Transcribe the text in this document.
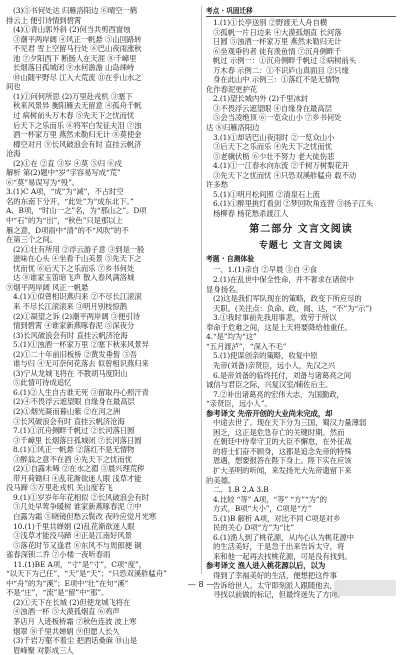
(3)⑤书何处达 归雁洛阳边 ⑥晴空一鹤
排云上 便引诗情到碧霄
(4)①青山郭外斜 (2)何当共剪西窗烛
③潮平两岸阔 ④风正一帆悬 ⑤山回路转
不见君 雪上空留马行处 ⑥巴山夜雨涨秋
池 ⑦夕阳西下 断肠人在天涯 ⑧千嶂里
长烟落日孤城闭 ⑨水何澹澹 山岛竦峙
⑩山随平野尽 江入大荒流 ⑪在乎山水之
间也
(1)①问何所思 (2)万里赴戎机 ③塞下
秋来风景异 衡阳雁去无留意 ④孤舟千帆
过 病树前头万木春 ⑤先天下之忧而忧
后天下之乐而乐 ⑥将军白发征夫泪 ⑦浊
酒一杯家万里 燕然未勒归无计 ⑧莫使金
樽空对月 ⑨长风破浪会有时 直挂云帆济
沧海
(2)①在 ②直 ③岁 ④莫 ⑤归 ⑥戍
解析 第(2)题中“岁”字容易写成“荒”
⑥“莫”易误写为“殁”。
3.(1)C A项，“成”为“减”，不占时空
名的东南下分开，“此处”为“成东北下。”
A、B项，“时山一之”名，为“那山之”。D项
中“石”的为“出”，“秋色”只是那以上
雁之意，D项雨中“清”的不“风吹”的不
在第三个之间。
(2)①壮有所用 ②浮云游子意 ③到是一般
滋味在心头 ④坐看千山美景 ⑤先天下之
忧而忧 ⑥后天下之乐而乐 ⑦乡书何处
达 ⑧谁家玉笛暗飞声 散入春风满洛城
⑨烟平两岸阔 风正一帆悬
4.(1)①似曾相识燕归来 ②不尽长江滚滚
来 不尽长江滚滚来 ③明月别枝惊鹊
(2)①凝望之诉 (2)潮平两岸阔 ③便引诗
情到碧霄 ④谁家新燕啄春泥 ⑤深夜分
(3)长风破浪会有时 直挂云帆济沧海
5.(1)①浊酒一杯家万里 ②塞下秋来风景异
(2)①二十年前旧板桥 ②黄发垂髫 ③吾
谁与归 ④无可奈何花落去 似曾相识燕归来
(3)宁从龙城飞将在 不教胡马度阴山
⑤此情可待成追忆
6.(1)②人生自古谁无死 ③留取丹心照汗青
(2)④不畏浮云遮望眼 自缘身在最高层
(2)①烟光凝而暮山紫 ②在河之洲
③长风破浪会有时 直挂云帆济沧海
7.(1)①沉舟侧畔千帆过 ②长河落日圆
③千嶂里 长烟落日孤城闭 ⑦长河落日圆
8.(1)①风正一帆悬 ②落红不是无情物
③醉翁之意不在酒 ④先天下之忧而忧
(2)①自露未晞 ②在水之湄 ③晨兴理荒秽
带月荷锄归 ④乱花渐欲迷人眼 浅草才能
没马蹄 ⑤万里赴戎机 关山度若飞
9.(1)①岁岁年年花相似 ②长风破浪会有时
③几处早莺争暖树 谁家新燕啄春泥 ⑦中
白露为霜 ⑤晓镜但愁云鬓改 夜吟应觉月光寒
10.(1)千里共婵娟 (2)乱花渐欲迷人眼
③浅草才能没马蹄 ④正是江南好风景
⑤落花时节又逢君 ⑥东风不与周郎便 铜
雀春深锁二乔 ⑦小楼一夜听春雨
11.(1)BE A项，“寸”是“寸”，C项“度”，
“以天下为己任”，“天”是“天”；“只恐双溪舴艋舟”
中“舟”的为“溪”；E项中“壮”在句“溪”
不是“庄”，“流”是“留”中“那”。
(2)①天下在长城 (2)但使龙城飞将在
④浊酒一杯 ⑤大漠孤烟直 ⑥鸡声
茅店月 人迹板桥霜 ⑦秋色连波 波上寒
烟翠 ⑧千里共婵娟 ⑨但愿人长久
(3)千岩万壑不着尘 把酒话桑麻 ⑩山是
眉峰聚 对影成三人
考点 · 巩固迁移
1.(1)①长亭送别 ②野渡无人舟自横
③孤帆一片日边来 ④大漠孤烟直 长河落
日圆 ⑤浊酒一杯家万里 燕然未勒归无计
⑥坐观垂钓者 徒有羡鱼情 ⑦沉舟侧畔千
帆过 示例一：①沉舟侧畔千帆过 ②病树前头
万木春 示例二：①不识庐山真面目 ②只缘
身在此山中 示例三：①落红不是无情物
化作春泥更护花
2.(1)望长城内外 (2)千里冰封
③不畏浮云遮望眼 ④自缘身在最高层
⑤会当凌绝顶 ⑥一览众山小 ⑦乡书何处
达 ⑧归雁洛阳边
3.(1)①却话巴山夜雨时 ②一览众山小
③后天下之乐而乐 ④先天下之忧而忧
⑤老骥伏枥 ⑥少壮不努力 老大徒伤悲
4.(1)①一江春水向东流 ②千树万树梨花开
③先天下之忧而忧 ④只恐双溪舴艋舟 载不动
许多愁
5.(1)①明月松间照 ②清泉石上流
6.(1)①醉里挑灯看剑 ②梦回吹角连营 ③扬子江头
杨柳春 杨花愁杀渡江人
第二部分 文言文阅读
专题七 文言文阅读
考题 · 自测体验
一、1.(1)亲自 ②早晨 ③自 ④食
2.(1)在乱世中保全性命，并不奢求在诸侯中
显身扬名。
(2)这是我们军队现在的策略，政变下所应尽的
天职。(关注点：负命、政、闻、达，“不”为“示”)
3.①我时事前先我用事悲，效劳于所以
奉命于危难之间，这是上天将要降给他重任。
4.“是”均为“这”
“五月渡泸”，“深入不毛”
5.(1)使谋创亲的策略，收复中原
先帝(刘备)亲贤臣，远小人，先汉之兴
6.是帝刘备的临终托付，刘备与诸葛亮之间
诚信与君臣之际，兴复汉室/辅佐后主。
7.②补出诸葛亮的宏伟大志，为国勤政，
“亲贤臣，远小人”。
参考译文 先帝开创的大业尚未完成，却
中途去世了。现在天下分为三国，蜀汉力量薄弱
困乏，这正是危急存亡的关键时期。然而
在朝廷中侍奉守卫的大臣不懈怠，在外征战
的将士们奋不顾身，这都是追念先帝的特殊
恩遇，想要报答在陛下身上。陛下实在应该
扩大圣明的听闻，来发扬光大先帝遗留下来
的美德。
二、1.B 2.A 3.B
4.比较 “等” A项，“等” “方”“为”的
方式，B项“大小”，C项是“方”
5.(1)B 解析 A项，对比不同 C项是对乡
民的关心 D项“方”为“比”
6.(1)渔人到了桃花源，从内心认为桃花源中
的生活美好，于是急于出来告诉太守，将
来和他一起再去找桃花源，可是没有找到。
参考译文 渔人进入桃花源以后，以为
得到了幸福美好的生活，便想把这件事
告诉给世人。太守即刻派人跟随他去，
寻找以前做的标记，但最终迷失了方向。
— 8 —
